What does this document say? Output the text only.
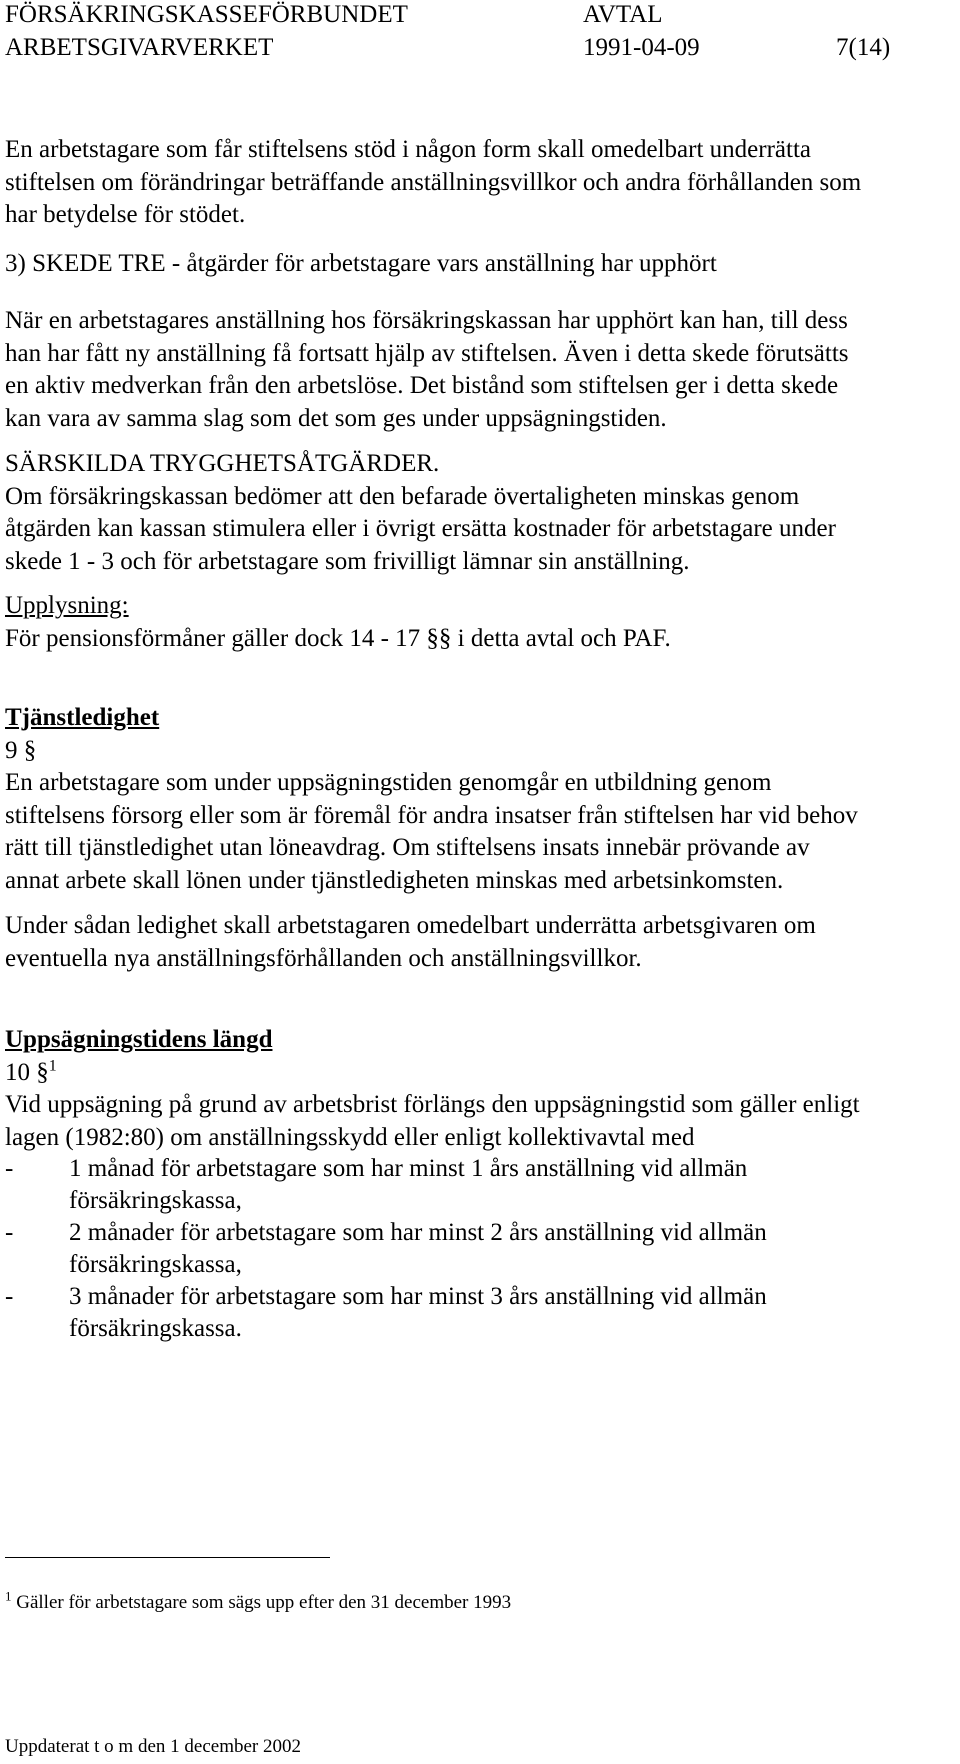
FÖRSÄKRINGSKASSEFÖRBUNDET	AVTAL
ARBETSGIVARVERKET	1991-04-09	7(14)
En arbetstagare som får stiftelsens stöd i någon form skall omedelbart underrätta
stiftelsen om förändringar beträffande anställningsvillkor och andra förhållanden som
har betydelse för stödet.
3) SKEDE TRE - åtgärder för arbetstagare vars anställning har upphört
När en arbetstagares anställning hos försäkringskassan har upphört kan han, till dess
han har fått ny anställning få fortsatt hjälp av stiftelsen. Även i detta skede förutsätts
en aktiv medverkan från den arbetslöse. Det bistånd som stiftelsen ger i detta skede
kan vara av samma slag som det som ges under uppsägningstiden.
SÄRSKILDA TRYGGHETSÅTGÄRDER.
Om försäkringskassan bedömer att den befarade övertaligheten minskas genom
åtgärden kan kassan stimulera eller i övrigt ersätta kostnader för arbetstagare under
skede 1 - 3 och för arbetstagare som frivilligt lämnar sin anställning.
Upplysning:
För pensionsförmåner gäller dock 14 - 17 §§ i detta avtal och PAF.
Tjänstledighet
9 §
En arbetstagare som under uppsägningstiden genomgår en utbildning genom
stiftelsens försorg eller som är föremål för andra insatser från stiftelsen har vid behov
rätt till tjänstledighet utan löneavdrag. Om stiftelsens insats innebär prövande av
annat arbete skall lönen under tjänstledigheten minskas med arbetsinkomsten.
Under sådan ledighet skall arbetstagaren omedelbart underrätta arbetsgivaren om
eventuella nya anställningsförhållanden och anställningsvillkor.
Uppsägningstidens längd
10 §$^1$
Vid uppsägning på grund av arbetsbrist förlängs den uppsägningstid som gäller enligt
lagen (1982:80) om anställningsskydd eller enligt kollektivavtal med
- 1 månad för arbetstagare som har minst 1 års anställning vid allmän
försäkringskassa,
- 2 månader för arbetstagare som har minst 2 års anställning vid allmän
försäkringskassa,
- 3 månader för arbetstagare som har minst 3 års anställning vid allmän
försäkringskassa.
$^1$ Gäller för arbetstagare som sägs upp efter den 31 december 1993
Uppdaterat t o m den 1 december 2002
